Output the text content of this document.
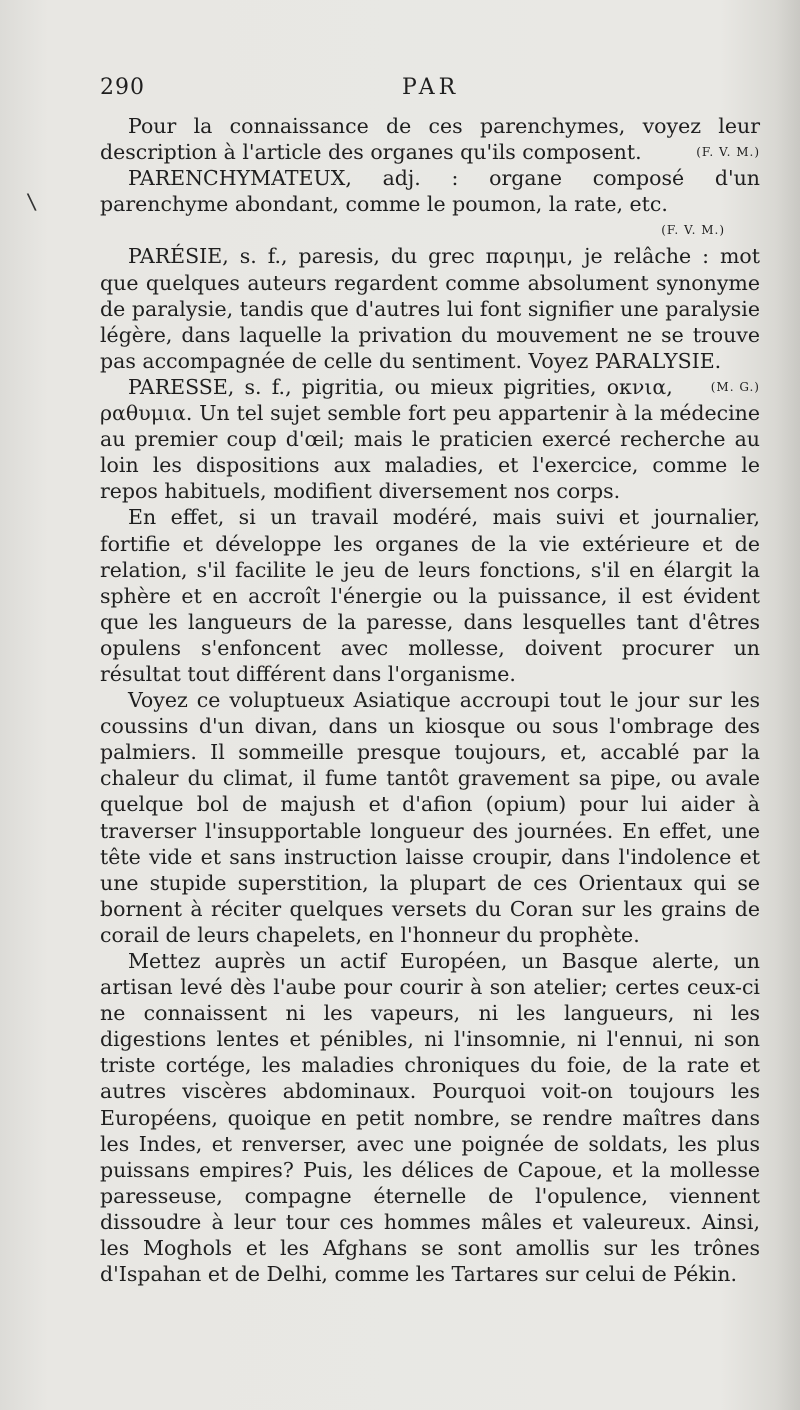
\
290	PAR

Pour la connaissance de ces parenchymes, voyez leur description à l'article des organes qu'ils composent.	(F. V. M.)

PARENCHYMATEUX, adj. : organe composé d'un parenchyme abondant, comme le poumon, la rate, etc.

(F. V. M.)

PARÉSIE, s. f., paresis, du grec παριημι, je relâche : mot que quelques auteurs regardent comme absolument synonyme de paralysie, tandis que d'autres lui font signifier une paralysie légère, dans laquelle la privation du mouvement ne se trouve pas accompagnée de celle du sentiment. Voyez PARALYSIE.
(M. G.)

PARESSE, s. f., pigritia, ou mieux pigrities, οκνια, ραθυμια. Un tel sujet semble fort peu appartenir à la médecine au premier coup d'œil; mais le praticien exercé recherche au loin les dispositions aux maladies, et l'exercice, comme le repos habituels, modifient diversement nos corps.

En effet, si un travail modéré, mais suivi et journalier, fortifie et développe les organes de la vie extérieure et de relation, s'il facilite le jeu de leurs fonctions, s'il en élargit la sphère et en accroît l'énergie ou la puissance, il est évident que les langueurs de la paresse, dans lesquelles tant d'êtres opulens s'enfoncent avec mollesse, doivent procurer un résultat tout différent dans l'organisme.

Voyez ce voluptueux Asiatique accroupi tout le jour sur les coussins d'un divan, dans un kiosque ou sous l'ombrage des palmiers. Il sommeille presque toujours, et, accablé par la chaleur du climat, il fume tantôt gravement sa pipe, ou avale quelque bol de majush et d'afion (opium) pour lui aider à traverser l'insupportable longueur des journées. En effet, une tête vide et sans instruction laisse croupir, dans l'indolence et une stupide superstition, la plupart de ces Orientaux qui se bornent à réciter quelques versets du Coran sur les grains de corail de leurs chapelets, en l'honneur du prophète.

Mettez auprès un actif Européen, un Basque alerte, un artisan levé dès l'aube pour courir à son atelier; certes ceux-ci ne connaissent ni les vapeurs, ni les langueurs, ni les digestions lentes et pénibles, ni l'insomnie, ni l'ennui, ni son triste cortége, les maladies chroniques du foie, de la rate et autres viscères abdominaux. Pourquoi voit-on toujours les Européens, quoique en petit nombre, se rendre maîtres dans les Indes, et renverser, avec une poignée de soldats, les plus puissans empires? Puis, les délices de Capoue, et la mollesse paresseuse, compagne éternelle de l'opulence, viennent dissoudre à leur tour ces hommes mâles et valeureux. Ainsi, les Moghols et les Afghans se sont amollis sur les trônes d'Ispahan et de Delhi, comme les Tartares sur celui de Pékin.
